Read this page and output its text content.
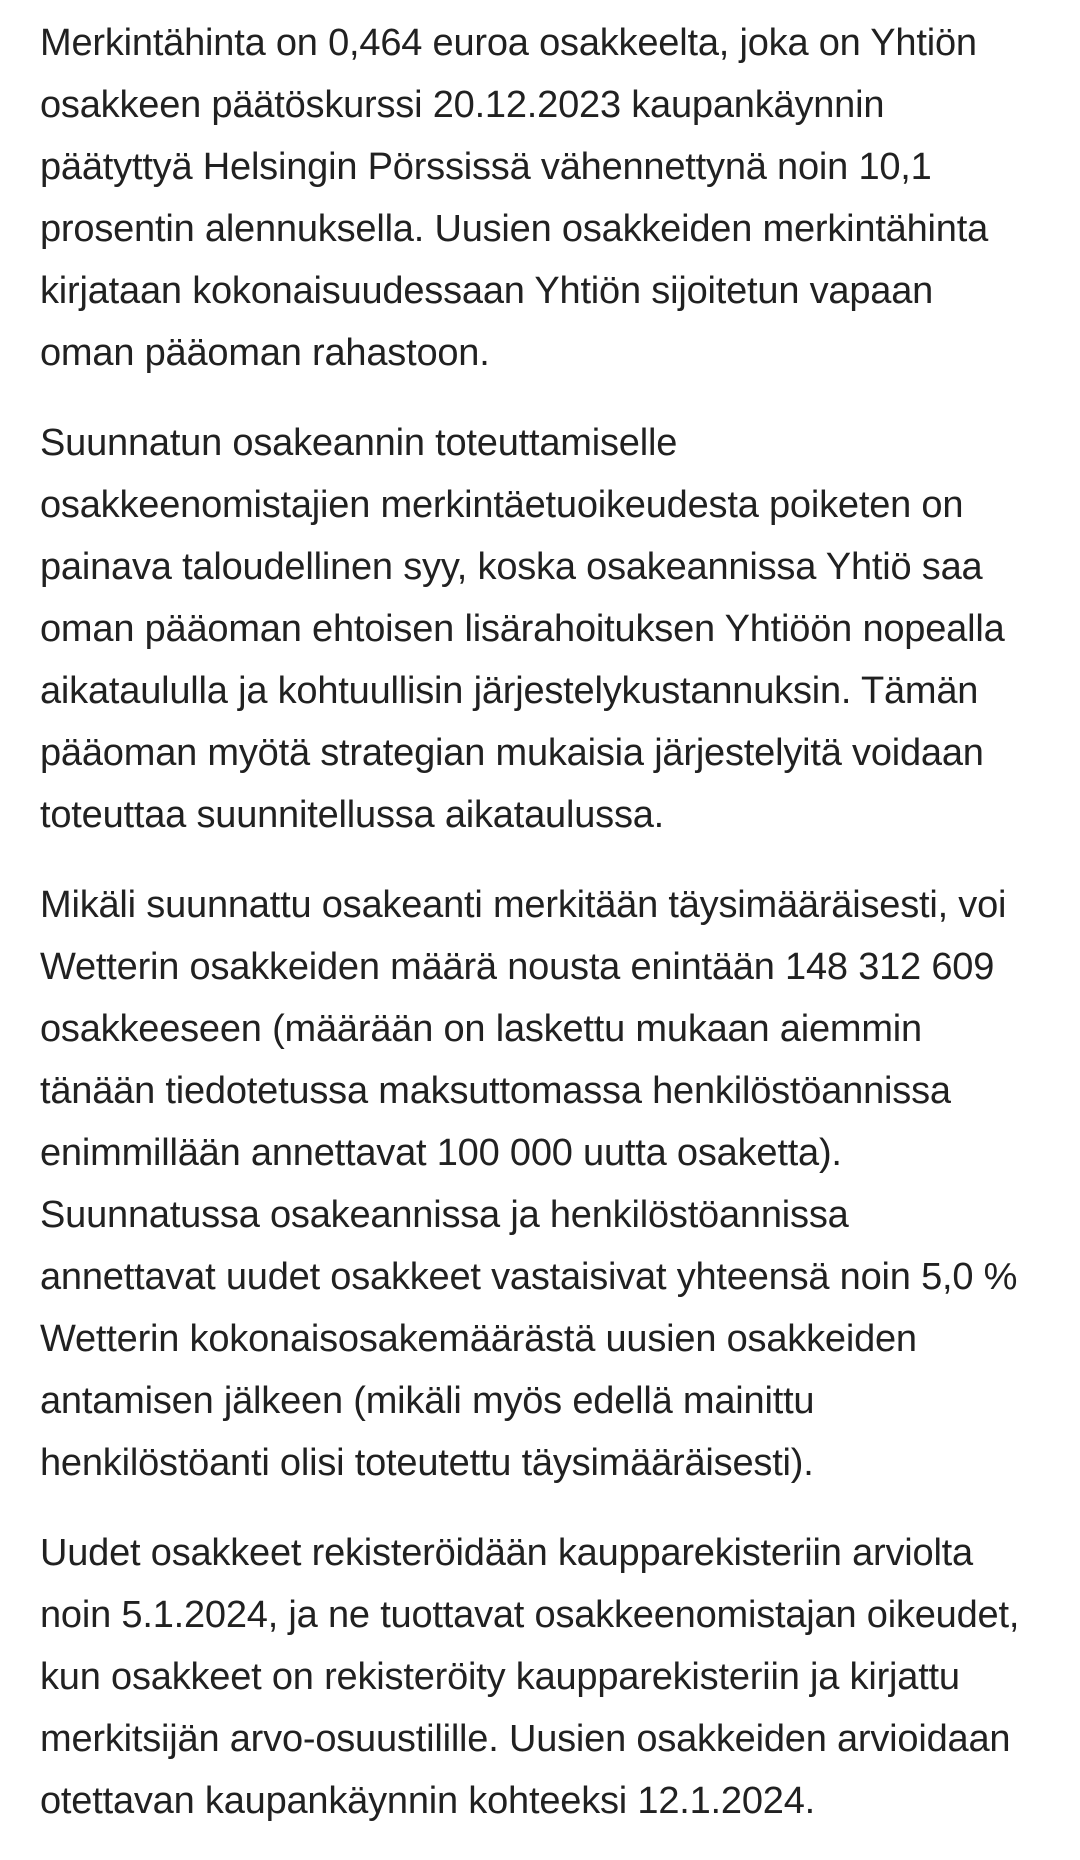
Merkintähinta on 0,464 euroa osakkeelta, joka on Yhtiön
osakkeen päätöskurssi 20.12.2023 kaupankäynnin
päätyttyä Helsingin Pörssissä vähennettynä noin 10,1
prosentin alennuksella. Uusien osakkeiden merkintähinta
kirjataan kokonaisuudessaan Yhtiön sijoitetun vapaan
oman pääoman rahastoon.

Suunnatun osakeannin toteuttamiselle
osakkeenomistajien merkintäetuoikeudesta poiketen on
painava taloudellinen syy, koska osakeannissa Yhtiö saa
oman pääoman ehtoisen lisärahoituksen Yhtiöön nopealla
aikataululla ja kohtuullisin järjestelykustannuksin. Tämän
pääoman myötä strategian mukaisia järjestelyitä voidaan
toteuttaa suunnitellussa aikataulussa.

Mikäli suunnattu osakeanti merkitään täysimääräisesti, voi
Wetterin osakkeiden määrä nousta enintään 148 312 609
osakkeeseen (määrään on laskettu mukaan aiemmin
tänään tiedotetussa maksuttomassa henkilöstöannissa
enimmillään annettavat 100 000 uutta osaketta).
Suunnatussa osakeannissa ja henkilöstöannissa
annettavat uudet osakkeet vastaisivat yhteensä noin 5,0 %
Wetterin kokonaisosakemäärästä uusien osakkeiden
antamisen jälkeen (mikäli myös edellä mainittu
henkilöstöanti olisi toteutettu täysimääräisesti).

Uudet osakkeet rekisteröidään kaupparekisteriin arviolta
noin 5.1.2024, ja ne tuottavat osakkeenomistajan oikeudet,
kun osakkeet on rekisteröity kaupparekisteriin ja kirjattu
merkitsijän arvo-osuustilille. Uusien osakkeiden arvioidaan
otettavan kaupankäynnin kohteeksi 12.1.2024.
